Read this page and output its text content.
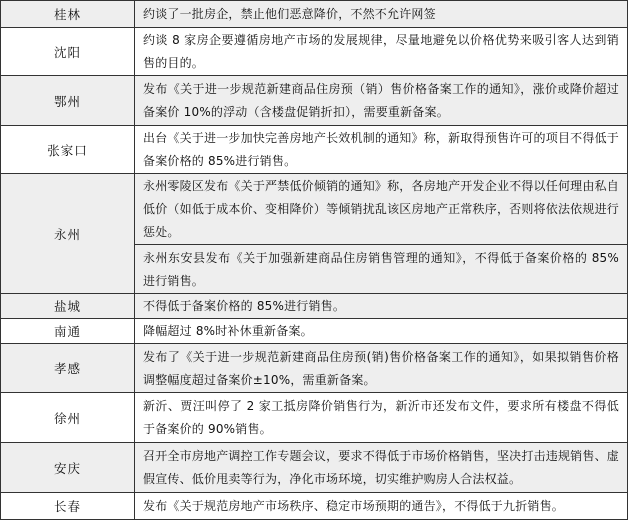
桂林	约谈了一批房企，禁止他们恶意降价，不然不允许网签
沈阳	约谈 8 家房企要遵循房地产市场的发展规律，尽量地避免以价格优势来吸引客人达到销售的目的。
鄂州	发布《关于进一步规范新建商品住房预（销）售价格备案工作的通知》，涨价或降价超过备案价 10%的浮动（含楼盘促销折扣），需要重新备案。
张家口	出台《关于进一步加快完善房地产长效机制的通知》称，新取得预售许可的项目不得低于备案价格的 85%进行销售。
永州	永州零陵区发布《关于严禁低价倾销的通知》称，各房地产开发企业不得以任何理由私自低价（如低于成本价、变相降价）等倾销扰乱该区房地产正常秩序，否则将依法依规进行惩处。
	永州东安县发布《关于加强新建商品住房销售管理的通知》，不得低于备案价格的 85%进行销售。
盐城	不得低于备案价格的 85%进行销售。
南通	降幅超过 8%时补休重新备案。
孝感	发布了《关于进一步规范新建商品住房预(销)售价格备案工作的通知》，如果拟销售价格调整幅度超过备案价±10%，需重新备案。
徐州	新沂、贾汪叫停了 2 家工抵房降价销售行为，新沂市还发布文件，要求所有楼盘不得低于备案价的 90%销售。
安庆	召开全市房地产调控工作专题会议，要求不得低于市场价格销售，坚决打击违规销售、虚假宣传、低价甩卖等行为，净化市场环境，切实维护购房人合法权益。
长春	发布《关于规范房地产市场秩序、稳定市场预期的通告》，不得低于九折销售。
